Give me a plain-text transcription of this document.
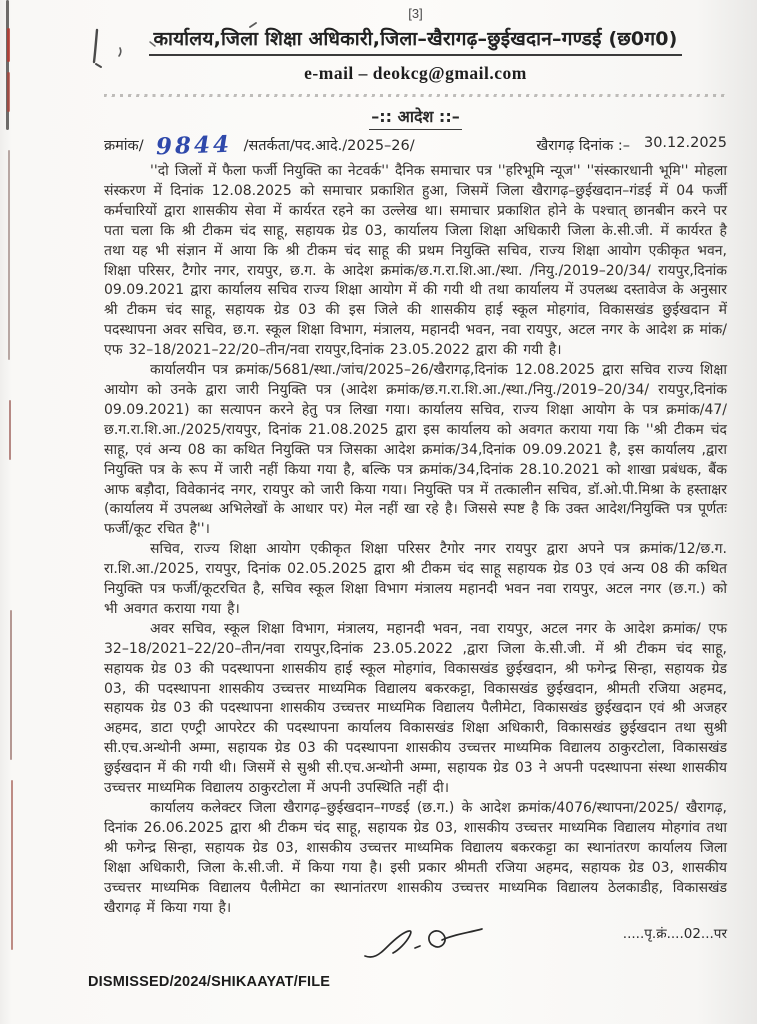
[3]
कार्यालय,जिला शिक्षा अधिकारी,जिला–खैरागढ़–छुईखदान–गण्डई (छ0ग0)
e-mail – deokcg@gmail.com
–:: आदेश ::–
क्रमांक/ 9844 /सतर्कता/पद.आदे./2025–26/	खैरागढ़ दिनांक :– 30.12.2025

''दो जिलों में फैला फर्जी नियुक्ति का नेटवर्क'' दैनिक समाचार पत्र ''हरिभूमि न्यूज'' ''संस्कारधानी भूमि'' मोहला संस्करण में दिनांक 12.08.2025 को समाचार प्रकाशित हुआ, जिसमें जिला खैरागढ़–छुईखदान–गंडई में 04 फर्जी कर्मचारियों द्वारा शासकीय सेवा में कार्यरत रहने का उल्लेख था। समाचार प्रकाशित होने के पश्चात् छानबीन करने पर पता चला कि श्री टीकम चंद साहू, सहायक ग्रेड 03, कार्यालय जिला शिक्षा अधिकारी जिला के.सी.जी. में कार्यरत है तथा यह भी संज्ञान में आया कि श्री टीकम चंद साहू की प्रथम नियुक्ति सचिव, राज्य शिक्षा आयोग एकीकृत भवन, शिक्षा परिसर, टैगोर नगर, रायपुर, छ.ग. के आदेश क्रमांक/छ.ग.रा.शि.आ./स्था. /नियु./2019–20/34/ रायपुर,दिनांक 09.09.2021 द्वारा कार्यालय सचिव राज्य शिक्षा आयोग में की गयी थी तथा कार्यालय में उपलब्ध दस्तावेज के अनुसार श्री टीकम चंद साहू, सहायक ग्रेड 03 की इस जिले की शासकीय हाई स्कूल मोहगांव, विकासखंड छुईखदान में पदस्थापना अवर सचिव, छ.ग. स्कूल शिक्षा विभाग, मंत्रालय, महानदी भवन, नवा रायपुर, अटल नगर के आदेश क्र मांक/ एफ 32–18/2021–22/20–तीन/नवा रायपुर,दिनांक 23.05.2022 द्वारा की गयी है।

कार्यालयीन पत्र क्रमांक/5681/स्था./जांच/2025–26/खैरागढ़,दिनांक 12.08.2025 द्वारा सचिव राज्य शिक्षा आयोग को उनके द्वारा जारी नियुक्ति पत्र (आदेश क्रमांक/छ.ग.रा.शि.आ./स्था./नियु./2019–20/34/ रायपुर,दिनांक 09.09.2021) का सत्यापन करने हेतु पत्र लिखा गया। कार्यालय सचिव, राज्य शिक्षा आयोग के पत्र क्रमांक/47/छ.ग.रा.शि.आ./2025/रायपुर, दिनांक 21.08.2025 द्वारा इस कार्यालय को अवगत कराया गया कि ''श्री टीकम चंद साहू, एवं अन्य 08 का कथित नियुक्ति पत्र जिसका आदेश क्रमांक/34,दिनांक 09.09.2021 है, इस कार्यालय ,द्वारा नियुक्ति पत्र के रूप में जारी नहीं किया गया है, बल्कि पत्र क्रमांक/34,दिनांक 28.10.2021 को शाखा प्रबंधक, बैंक आफ बड़ौदा, विवेकानंद नगर, रायपुर को जारी किया गया। नियुक्ति पत्र में तत्कालीन सचिव, डॉ.ओ.पी.मिश्रा के हस्ताक्षर (कार्यालय में उपलब्ध अभिलेखों के आधार पर) मेल नहीं खा रहे है। जिससे स्पष्ट है कि उक्त आदेश/नियुक्ति पत्र पूर्णतः फर्जी/कूट रचित है''।

सचिव, राज्य शिक्षा आयोग एकीकृत शिक्षा परिसर टैगोर नगर रायपुर द्वारा अपने पत्र क्रमांक/12/छ.ग. रा.शि.आ./2025, रायपुर, दिनांक 02.05.2025 द्वारा श्री टीकम चंद साहू सहायक ग्रेड 03 एवं अन्य 08 की कथित नियुक्ति पत्र फर्जी/कूटरचित है, सचिव स्कूल शिक्षा विभाग मंत्रालय महानदी भवन नवा रायपुर, अटल नगर (छ.ग.) को भी अवगत कराया गया है।

अवर सचिव, स्कूल शिक्षा विभाग, मंत्रालय, महानदी भवन, नवा रायपुर, अटल नगर के आदेश क्रमांक/ एफ 32–18/2021–22/20–तीन/नवा रायपुर,दिनांक 23.05.2022 ,द्वारा जिला के.सी.जी. में श्री टीकम चंद साहू, सहायक ग्रेड 03 की पदस्थापना शासकीय हाई स्कूल मोहगांव, विकासखंड छुईखदान, श्री फगेन्द्र सिन्हा, सहायक ग्रेड 03, की पदस्थापना शासकीय उच्चत्तर माध्यमिक विद्यालय बकरकट्टा, विकासखंड छुईखदान, श्रीमती रजिया अहमद, सहायक ग्रेड 03 की पदस्थापना शासकीय उच्चत्तर माध्यमिक विद्यालय पैलीमेटा, विकासखंड छुईखदान एवं श्री अजहर अहमद, डाटा एण्ट्री आपरेटर की पदस्थापना कार्यालय विकासखंड शिक्षा अधिकारी, विकासखंड छुईखदान तथा सुश्री सी.एच.अन्थोनी अम्मा, सहायक ग्रेड 03 की पदस्थापना शासकीय उच्चत्तर माध्यमिक विद्यालय ठाकुरटोला, विकासखंड छुईखदान में की गयी थी। जिसमें से सुश्री सी.एच.अन्थोनी अम्मा, सहायक ग्रेड 03 ने अपनी पदस्थापना संस्था शासकीय उच्चत्तर माध्यमिक विद्यालय ठाकुरटोला में अपनी उपस्थिति नहीं दी।

कार्यालय कलेक्टर जिला खैरागढ़–छुईखदान–गण्डई (छ.ग.) के आदेश क्रमांक/4076/स्थापना/2025/ खैरागढ़, दिनांक 26.06.2025 द्वारा श्री टीकम चंद साहू, सहायक ग्रेड 03, शासकीय उच्चत्तर माध्यमिक विद्यालय मोहगांव तथा श्री फगेन्द्र सिन्हा, सहायक ग्रेड 03, शासकीय उच्चत्तर माध्यमिक विद्यालय बकरकट्टा का स्थानांतरण कार्यालय जिला शिक्षा अधिकारी, जिला के.सी.जी. में किया गया है। इसी प्रकार श्रीमती रजिया अहमद, सहायक ग्रेड 03, शासकीय उच्चत्तर माध्यमिक विद्यालय पैलीमेटा का स्थानांतरण शासकीय उच्चत्तर माध्यमिक विद्यालय ठेलकाडीह, विकासखंड खैरागढ़ में किया गया है।

.....पृ.क्रं....02...पर
DISMISSED/2024/SHIKAAYAT/FILE
